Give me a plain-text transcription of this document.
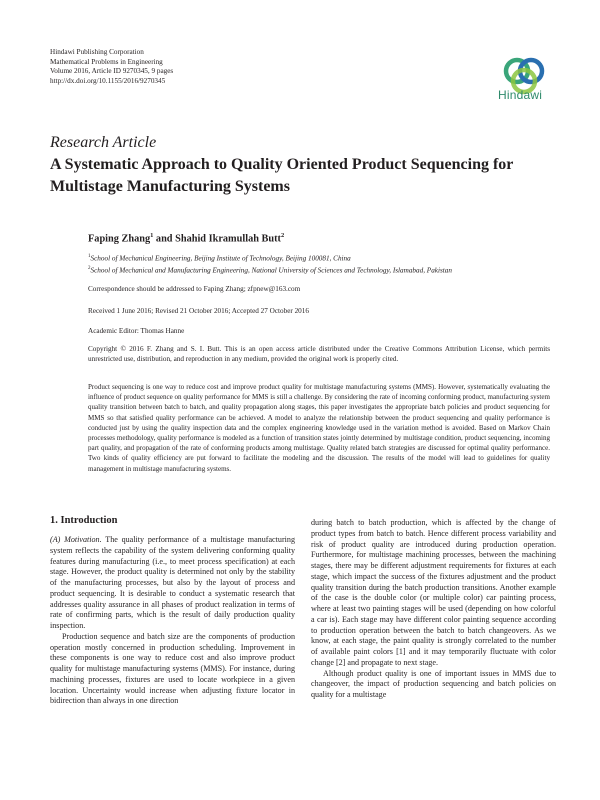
Hindawi Publishing Corporation
Mathematical Problems in Engineering
Volume 2016, Article ID 9270345, 9 pages
http://dx.doi.org/10.1155/2016/9270345
Hindawi
Research Article
A Systematic Approach to Quality Oriented Product Sequencing for Multistage Manufacturing Systems
Faping Zhang$^1$ and Shahid Ikramullah Butt$^2$
$^1$School of Mechanical Engineering, Beijing Institute of Technology, Beijing 100081, China
$^2$School of Mechanical and Manufacturing Engineering, National University of Sciences and Technology, Islamabad, Pakistan
Correspondence should be addressed to Faping Zhang; zfpnew@163.com
Received 1 June 2016; Revised 21 October 2016; Accepted 27 October 2016
Academic Editor: Thomas Hanne
Copyright © 2016 F. Zhang and S. I. Butt. This is an open access article distributed under the Creative Commons Attribution License, which permits unrestricted use, distribution, and reproduction in any medium, provided the original work is properly cited.
Product sequencing is one way to reduce cost and improve product quality for multistage manufacturing systems (MMS). However, systematically evaluating the influence of product sequence on quality performance for MMS is still a challenge. By considering the rate of incoming conforming product, manufacturing system quality transition between batch to batch, and quality propagation along stages, this paper investigates the appropriate batch policies and product sequencing for MMS so that satisfied quality performance can be achieved. A model to analyze the relationship between the product sequencing and quality performance is conducted just by using the quality inspection data and the complex engineering knowledge used in the variation method is avoided. Based on Markov Chain processes methodology, quality performance is modeled as a function of transition states jointly determined by multistage condition, product sequencing, incoming part quality, and propagation of the rate of conforming products among multistage. Quality related batch strategies are discussed for optimal quality performance. Two kinds of quality efficiency are put forward to facilitate the modeling and the discussion. The results of the model will lead to guidelines for quality management in multistage manufacturing systems.
1. Introduction

(A) Motivation. The quality performance of a multistage manufacturing system reflects the capability of the system delivering conforming quality features during manufacturing (i.e., to meet process specification) at each stage. However, the product quality is determined not only by the stability of the manufacturing processes, but also by the layout of process and product sequencing. It is desirable to conduct a systematic research that addresses quality assurance in all phases of product realization in terms of rate of confirming parts, which is the result of daily production quality inspection.

Production sequence and batch size are the components of production operation mostly concerned in production scheduling. Improvement in these components is one way to reduce cost and also improve product quality for multistage manufacturing systems (MMS). For instance, during machining processes, fixtures are used to locate workpiece in a given location. Uncertainty would increase when adjusting fixture locator in bidirection than always in one direction

during batch to batch production, which is affected by the change of product types from batch to batch. Hence different process variability and risk of product quality are introduced during production operation. Furthermore, for multistage machining processes, between the machining stages, there may be different adjustment requirements for fixtures at each stage, which impact the success of the fixtures adjustment and the product quality transition during the batch production transitions. Another example of the case is the double color (or multiple color) car painting process, where at least two painting stages will be used (depending on how colorful a car is). Each stage may have different color painting sequence according to production operation between the batch to batch changeovers. As we know, at each stage, the paint quality is strongly correlated to the number of available paint colors [1] and it may temporarily fluctuate with color change [2] and propagate to next stage.

Although product quality is one of important issues in MMS due to changeover, the impact of production sequencing and batch policies on quality for a multistage
